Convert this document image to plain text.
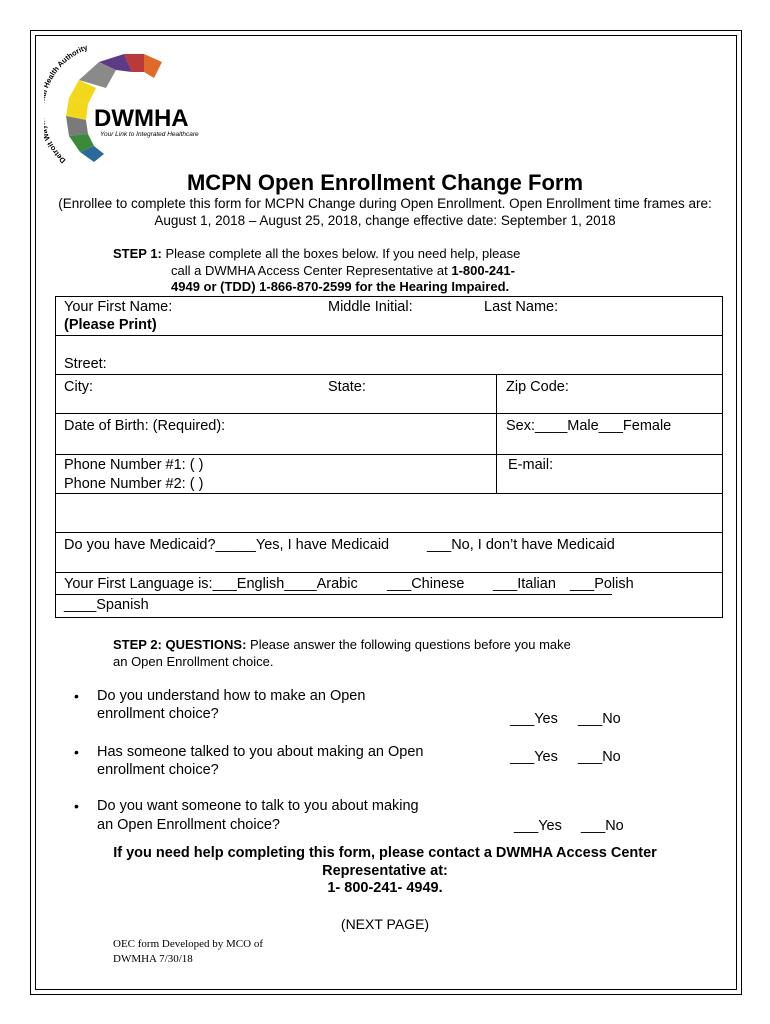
Detroit ealth Authority
DWMHA
Your Link to Integrated Healthcare
MCPN Open Enrollment Change Form
(Enrollee to complete this form for MCPN Change during Open Enrollment. Open Enrollment time frames are:
August 1, 2018 – August 25, 2018, change effective date: September 1, 2018
STEP 1: Please complete all the boxes below. If you need help, please
call a DWMHA Access Center Representative at 1-800-241-
4949 or (TDD) 1-866-870-2599 for the Hearing Impaired.
Your First Name:
(Please Print)
Middle Initial:	Last Name:
Street:
City:	State:	Zip Code:
Date of Birth: (Required):	Sex:____Male___Female
Phone Number #1: ( )
Phone Number #2: ( )
E-mail:
Do you have Medicaid?_____Yes, I have Medicaid	___No, I don’t have Medicaid
Your First Language is:___English____Arabic ___Chinese ___Italian ___Polish
____Spanish
STEP 2: QUESTIONS: Please answer the following questions before you make
an Open Enrollment choice.
• Do you understand how to make an Open
enrollment choice?	___Yes ___No
• Has someone talked to you about making an Open
enrollment choice?
___Yes ___No
• Do you want someone to talk to you about making
an Open Enrollment choice?	___Yes ___No
If you need help completing this form, please contact a DWMHA Access Center
Representative at:
1- 800-241- 4949.
(NEXT PAGE)
OEC form Developed by MCO of
DWMHA 7/30/18
